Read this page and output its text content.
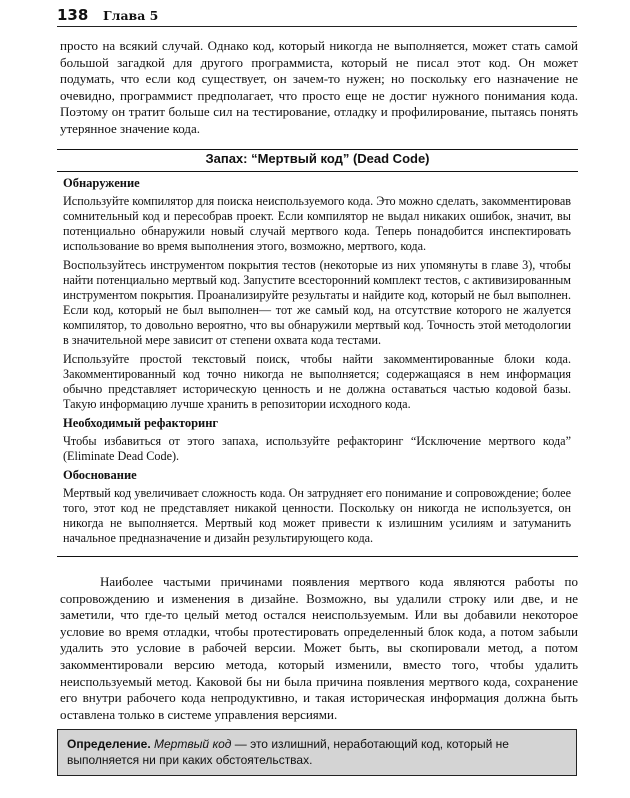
138 Глава 5

просто на всякий случай. Однако код, который никогда не выполняется, может стать самой большой загадкой для другого программиста, который не писал этот код. Он может подумать, что если код существует, он зачем-то нужен; но поскольку его назначение не очевидно, программист предполагает, что просто еще не достиг нужного понимания кода. Поэтому он тратит больше сил на тестирование, отладку и профилирование, пытаясь понять утерянное значение кода.

Запах: “Мертвый код” (Dead Code)
Обнаружение

Используйте компилятор для поиска неиспользуемого кода. Это можно сделать, закомментировав сомнительный код и пересобрав проект. Если компилятор не выдал никаких ошибок, значит, вы потенциально обнаружили новый случай мертвого кода. Теперь понадобится инспектировать использование во время выполнения этого, возможно, мертвого, кода.

Воспользуйтесь инструментом покрытия тестов (некоторые из них упомянуты в главе 3), чтобы найти потенциально мертвый код. Запустите всесторонний комплект тестов, с активизированным инструментом покрытия. Проанализируйте результаты и найдите код, который не был выполнен. Если код, который не был выполнен— тот же самый код, на отсутствие которого не жалуется компилятор, то довольно вероятно, что вы обнаружили мертвый код. Точность этой методологии в значительной мере зависит от степени охвата кода тестами.

Используйте простой текстовый поиск, чтобы найти закомментированные блоки кода. Закомментированный код точно никогда не выполняется; содержащаяся в нем информация обычно представляет историческую ценность и не должна оставаться частью кодовой базы. Такую информацию лучше хранить в репозитории исходного кода.

Необходимый рефакторинг

Чтобы избавиться от этого запаха, используйте рефакторинг “Исключение мертвого кода” (Eliminate Dead Code).

Обоснование

Мертвый код увеличивает сложность кода. Он затрудняет его понимание и сопровождение; более того, этот код не представляет никакой ценности. Поскольку он никогда не используется, он никогда не выполняется. Мертвый код может привести к излишним усилиям и затуманить начальное предназначение и дизайн результирующего кода.

Наиболее частыми причинами появления мертвого кода являются работы по сопровождению и изменения в дизайне. Возможно, вы удалили строку или две, и не заметили, что где-то целый метод остался неиспользуемым. Или вы добавили некоторое условие во время отладки, чтобы протестировать определенный блок кода, а потом забыли удалить это условие в рабочей версии. Может быть, вы скопировали метод, а потом закомментировали версию метода, который изменили, вместо того, чтобы удалить неиспользуемый метод. Каковой бы ни была причина появления мертвого кода, сохранение его внутри рабочего кода непродуктивно, и такая историческая информация должна быть оставлена только в системе управления версиями.

Определение. Мертвый код — это излишний, неработающий код, который не выполняется ни при каких обстоятельствах.
